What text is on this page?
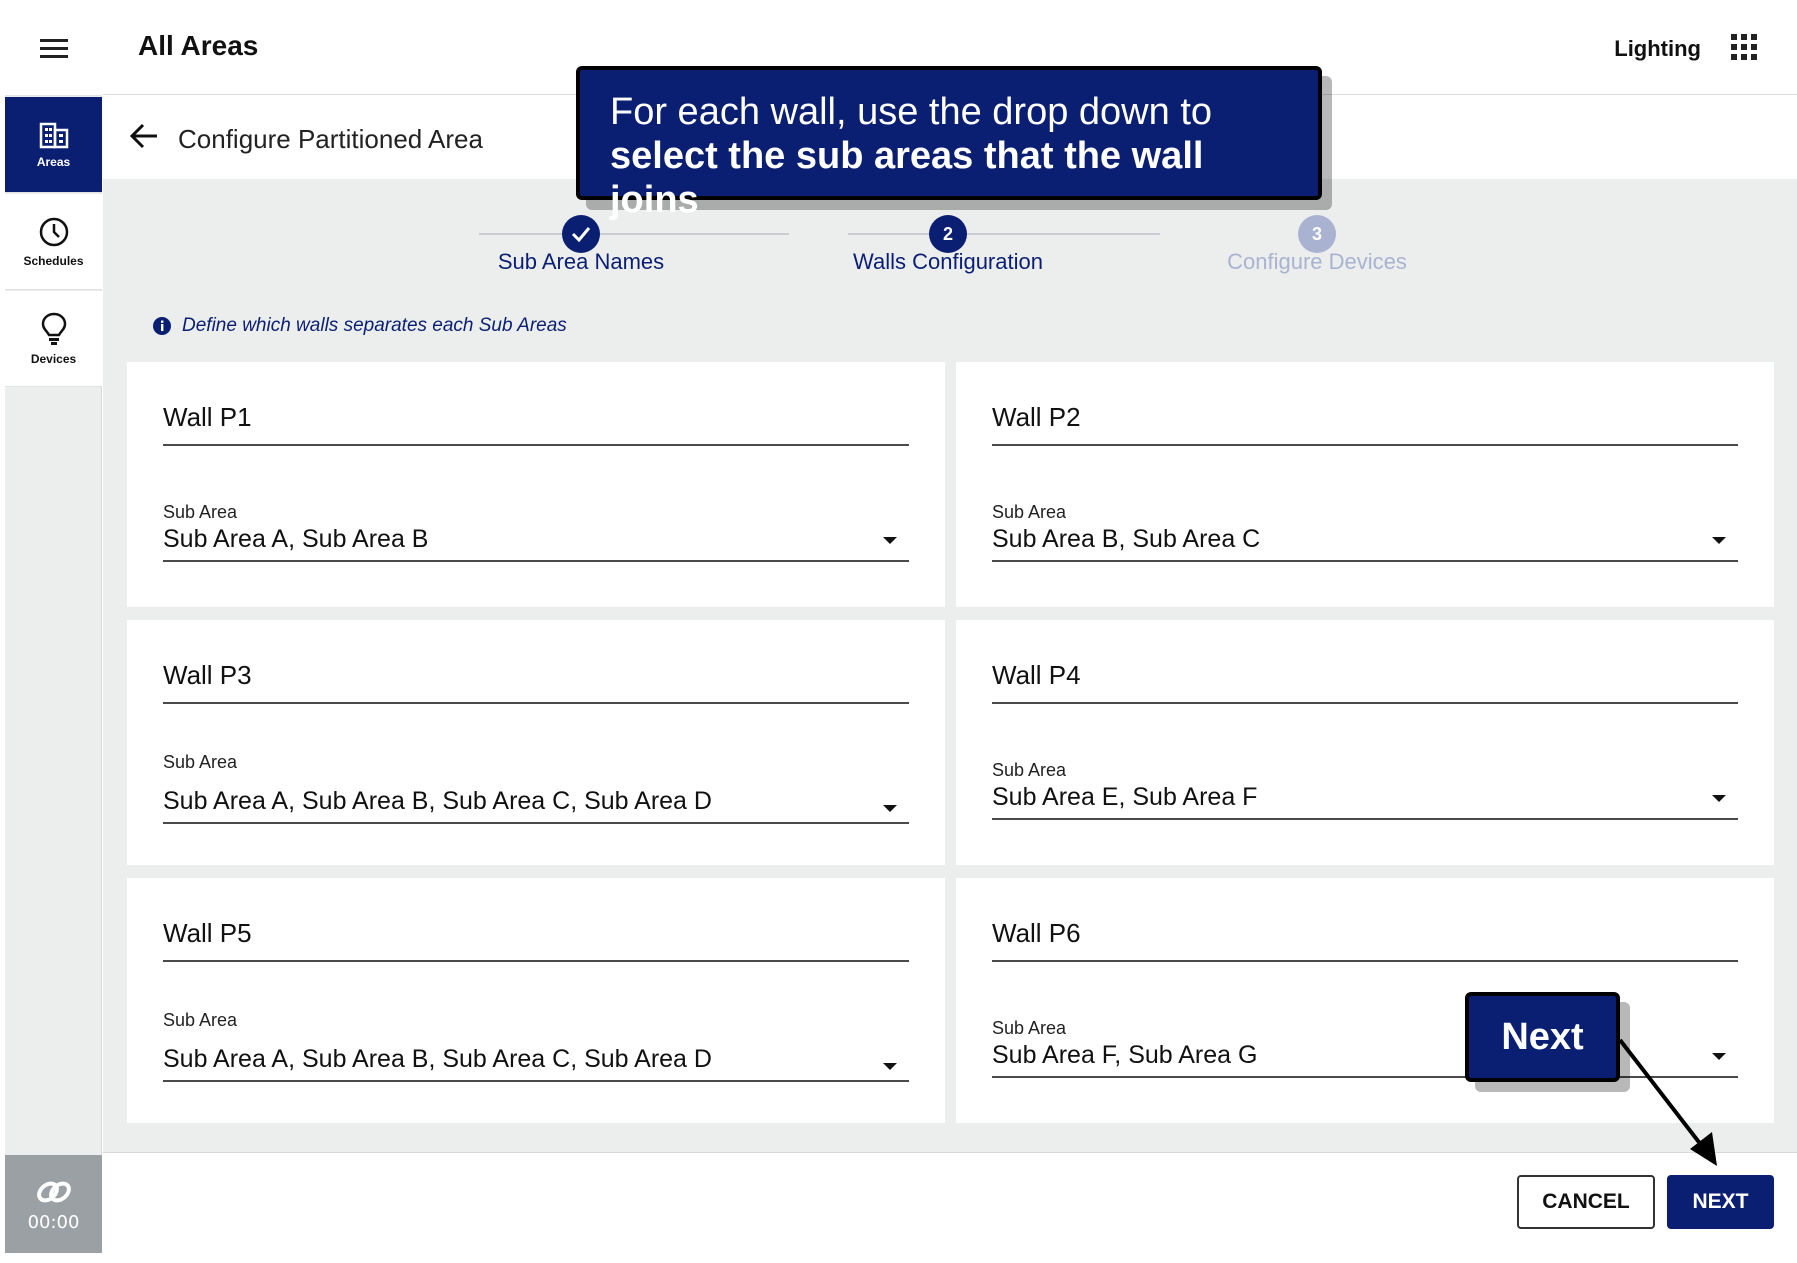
Areas
Schedules
Devices
00:00
All Areas	Lighting
Configure Partitioned Area
Sub Area Names
2
Walls Configuration
3
Configure Devices
Define which walls separates each Sub Areas
Wall P1
Sub Area
Sub Area A, Sub Area B
Wall P2
Sub Area
Sub Area B, Sub Area C
Wall P3
Sub Area
Sub Area A, Sub Area B, Sub Area C, Sub Area D
Wall P4
Sub Area
Sub Area E, Sub Area F
Wall P5
Sub Area
Sub Area A, Sub Area B, Sub Area C, Sub Area D
Wall P6
Sub Area
Sub Area F, Sub Area G
CANCEL	NEXT
For each wall, use the drop down to
select the sub areas that the wall joins
Next
